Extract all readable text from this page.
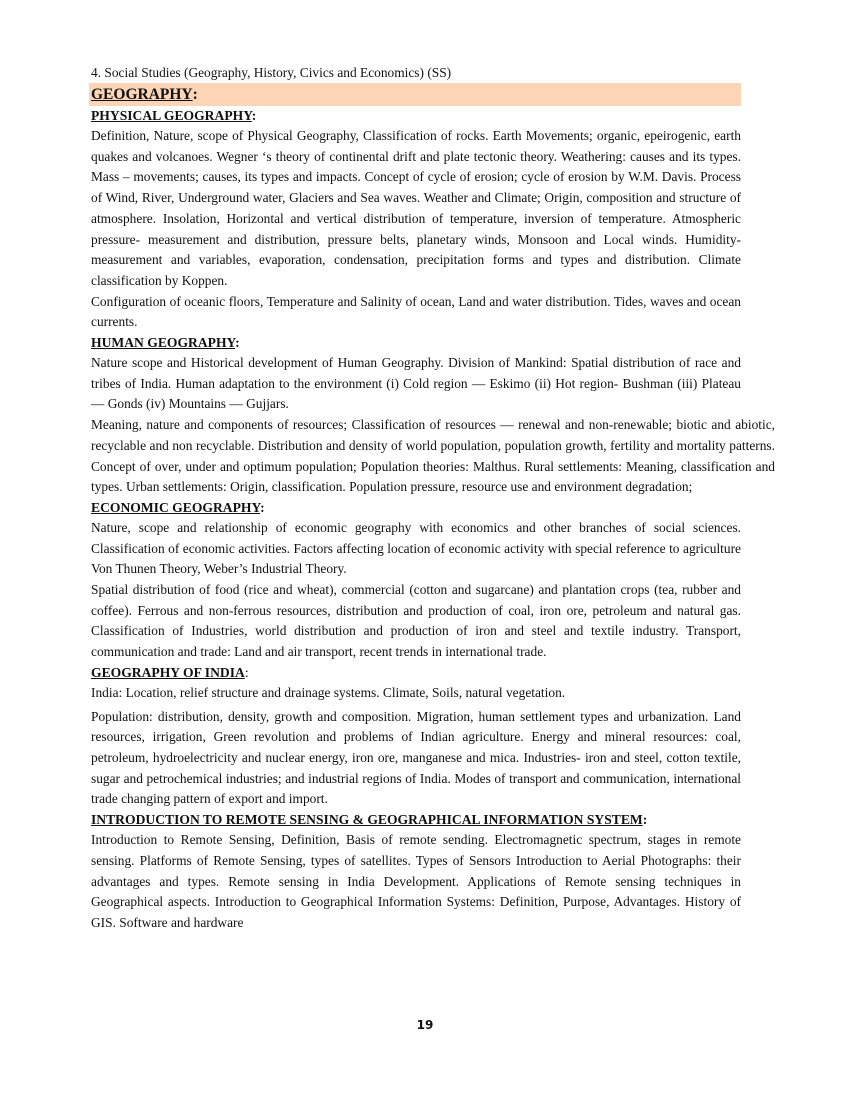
4. Social Studies (Geography, History, Civics and Economics) (SS)
GEOGRAPHY :
PHYSICAL GEOGRAPHY:

Definition, Nature, scope of Physical Geography, Classification of rocks. Earth Movements; organic, epeirogenic, earth quakes and volcanoes. Wegner ‘s theory of continental drift and plate tectonic theory. Weathering: causes and its types. Mass – movements; causes, its types and impacts. Concept of cycle of erosion; cycle of erosion by W.M. Davis. Process of Wind, River, Underground water, Glaciers and Sea waves. Weather and Climate; Origin, composition and structure of atmosphere. Insolation, Horizontal and vertical distribution of temperature, inversion of temperature. Atmospheric pressure- measurement and distribution, pressure belts, planetary winds, Monsoon and Local winds. Humidity- measurement and variables, evaporation, condensation, precipitation forms and types and distribution. Climate classification by Koppen.

Configuration of oceanic floors, Temperature and Salinity of ocean, Land and water distribution. Tides, waves and ocean currents.

HUMAN GEOGRAPHY:

Nature scope and Historical development of Human Geography. Division of Mankind: Spatial distribution of race and tribes of India. Human adaptation to the environment (i) Cold region — Eskimo (ii) Hot region- Bushman (iii) Plateau — Gonds (iv) Mountains — Gujjars.

Meaning, nature and components of resources; Classification of resources — renewal and non-renewable; biotic and abiotic, recyclable and non recyclable. Distribution and density of world population, population growth, fertility and mortality patterns. Concept of over, under and optimum population; Population theories: Malthus. Rural settlements: Meaning, classification and types. Urban settlements: Origin, classification. Population pressure, resource use and environment degradation;

ECONOMIC GEOGRAPHY:

Nature, scope and relationship of economic geography with economics and other branches of social sciences. Classification of economic activities. Factors affecting location of economic activity with special reference to agriculture Von Thunen Theory, Weber’s Industrial Theory.

Spatial distribution of food (rice and wheat), commercial (cotton and sugarcane) and plantation crops (tea, rubber and coffee). Ferrous and non-ferrous resources, distribution and production of coal, iron ore, petroleum and natural gas. Classification of Industries, world distribution and production of iron and steel and textile industry. Transport, communication and trade: Land and air transport, recent trends in international trade.

GEOGRAPHY OF INDIA:

India: Location, relief structure and drainage systems. Climate, Soils, natural vegetation.

Population: distribution, density, growth and composition. Migration, human settlement types and urbanization. Land resources, irrigation, Green revolution and problems of Indian agriculture. Energy and mineral resources: coal, petroleum, hydroelectricity and nuclear energy, iron ore, manganese and mica. Industries- iron and steel, cotton textile, sugar and petrochemical industries; and industrial regions of India. Modes of transport and communication, international trade changing pattern of export and import.

INTRODUCTION TO REMOTE SENSING & GEOGRAPHICAL INFORMATION SYSTEM:

Introduction to Remote Sensing, Definition, Basis of remote sending. Electromagnetic spectrum, stages in remote sensing. Platforms of Remote Sensing, types of satellites. Types of Sensors Introduction to Aerial Photographs: their advantages and types. Remote sensing in India Development. Applications of Remote sensing techniques in Geographical aspects. Introduction to Geographical Information Systems: Definition, Purpose, Advantages. History of GIS. Software and hardware

19
